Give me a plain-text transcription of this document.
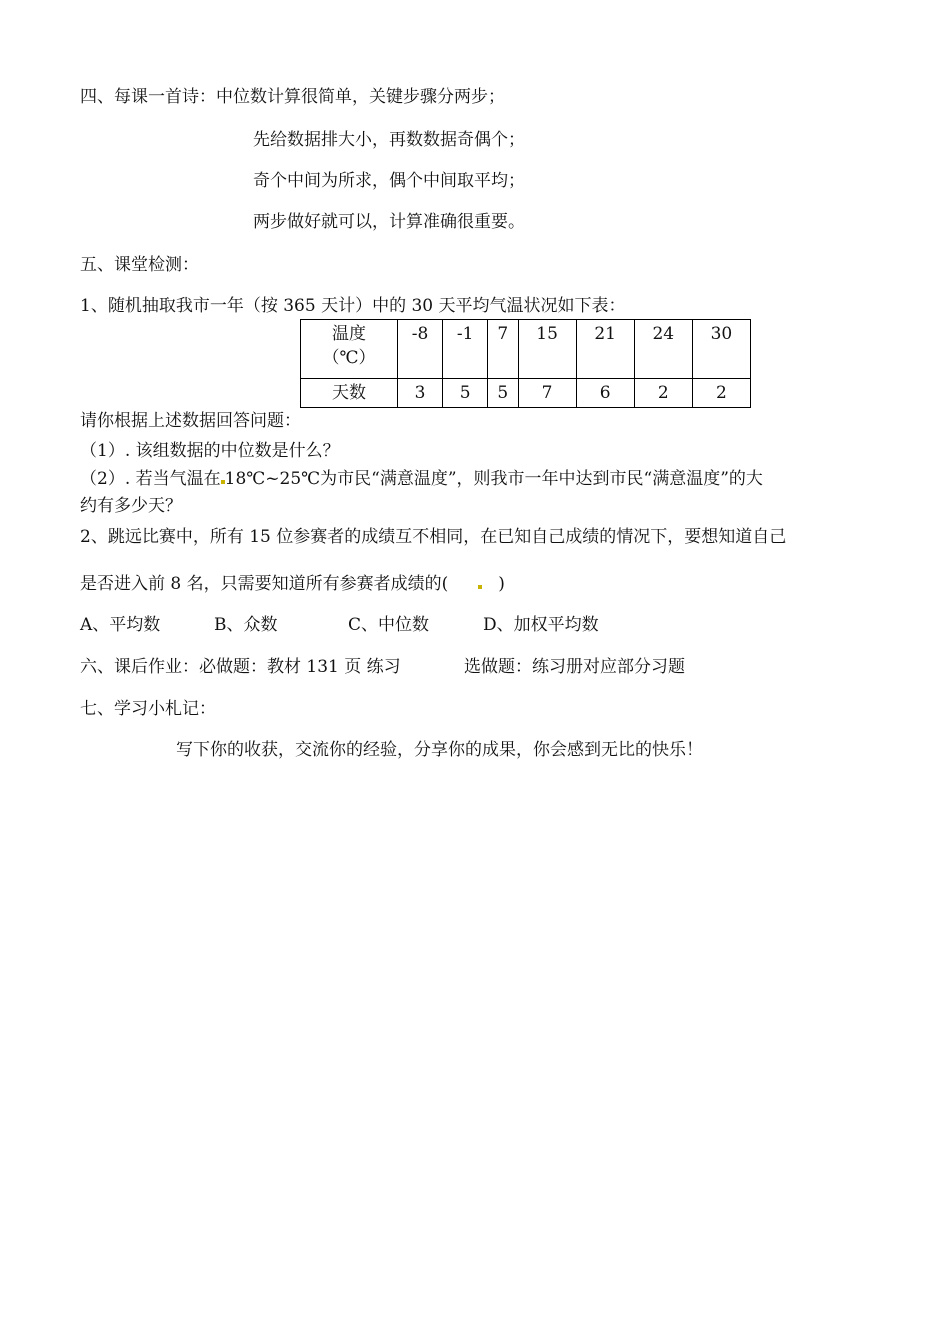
四、每课一首诗：中位数计算很简单，关键步骤分两步；
先给数据排大小，再数数据奇偶个；
奇个中间为所求，偶个中间取平均；
两步做好就可以，计算准确很重要。
五、课堂检测：
1、随机抽取我市一年（按 365 天计）中的 30 天平均气温状况如下表：
温度
（℃）	-8	-1	7	15	21	24	30
天数	3	5	5	7	6	2	2
请你根据上述数据回答问题：
（1）. 该组数据的中位数是什么？
（2）. 若当气温在 18℃~25℃为市民“满意温度”，则我市一年中达到市民“满意温度”的大
约有多少天？
2、跳远比赛中，所有 15 位参赛者的成绩互不相同，在已知自己成绩的情况下，要想知道自己
是否进入前 8 名，只需要知道所有参赛者成绩的(	)
A、平均数	B、众数	C、中位数	D、加权平均数
六、课后作业：必做题：教材 131 页 练习	选做题：练习册对应部分习题
七、学习小札记：
写下你的收获，交流你的经验，分享你的成果，你会感到无比的快乐！
